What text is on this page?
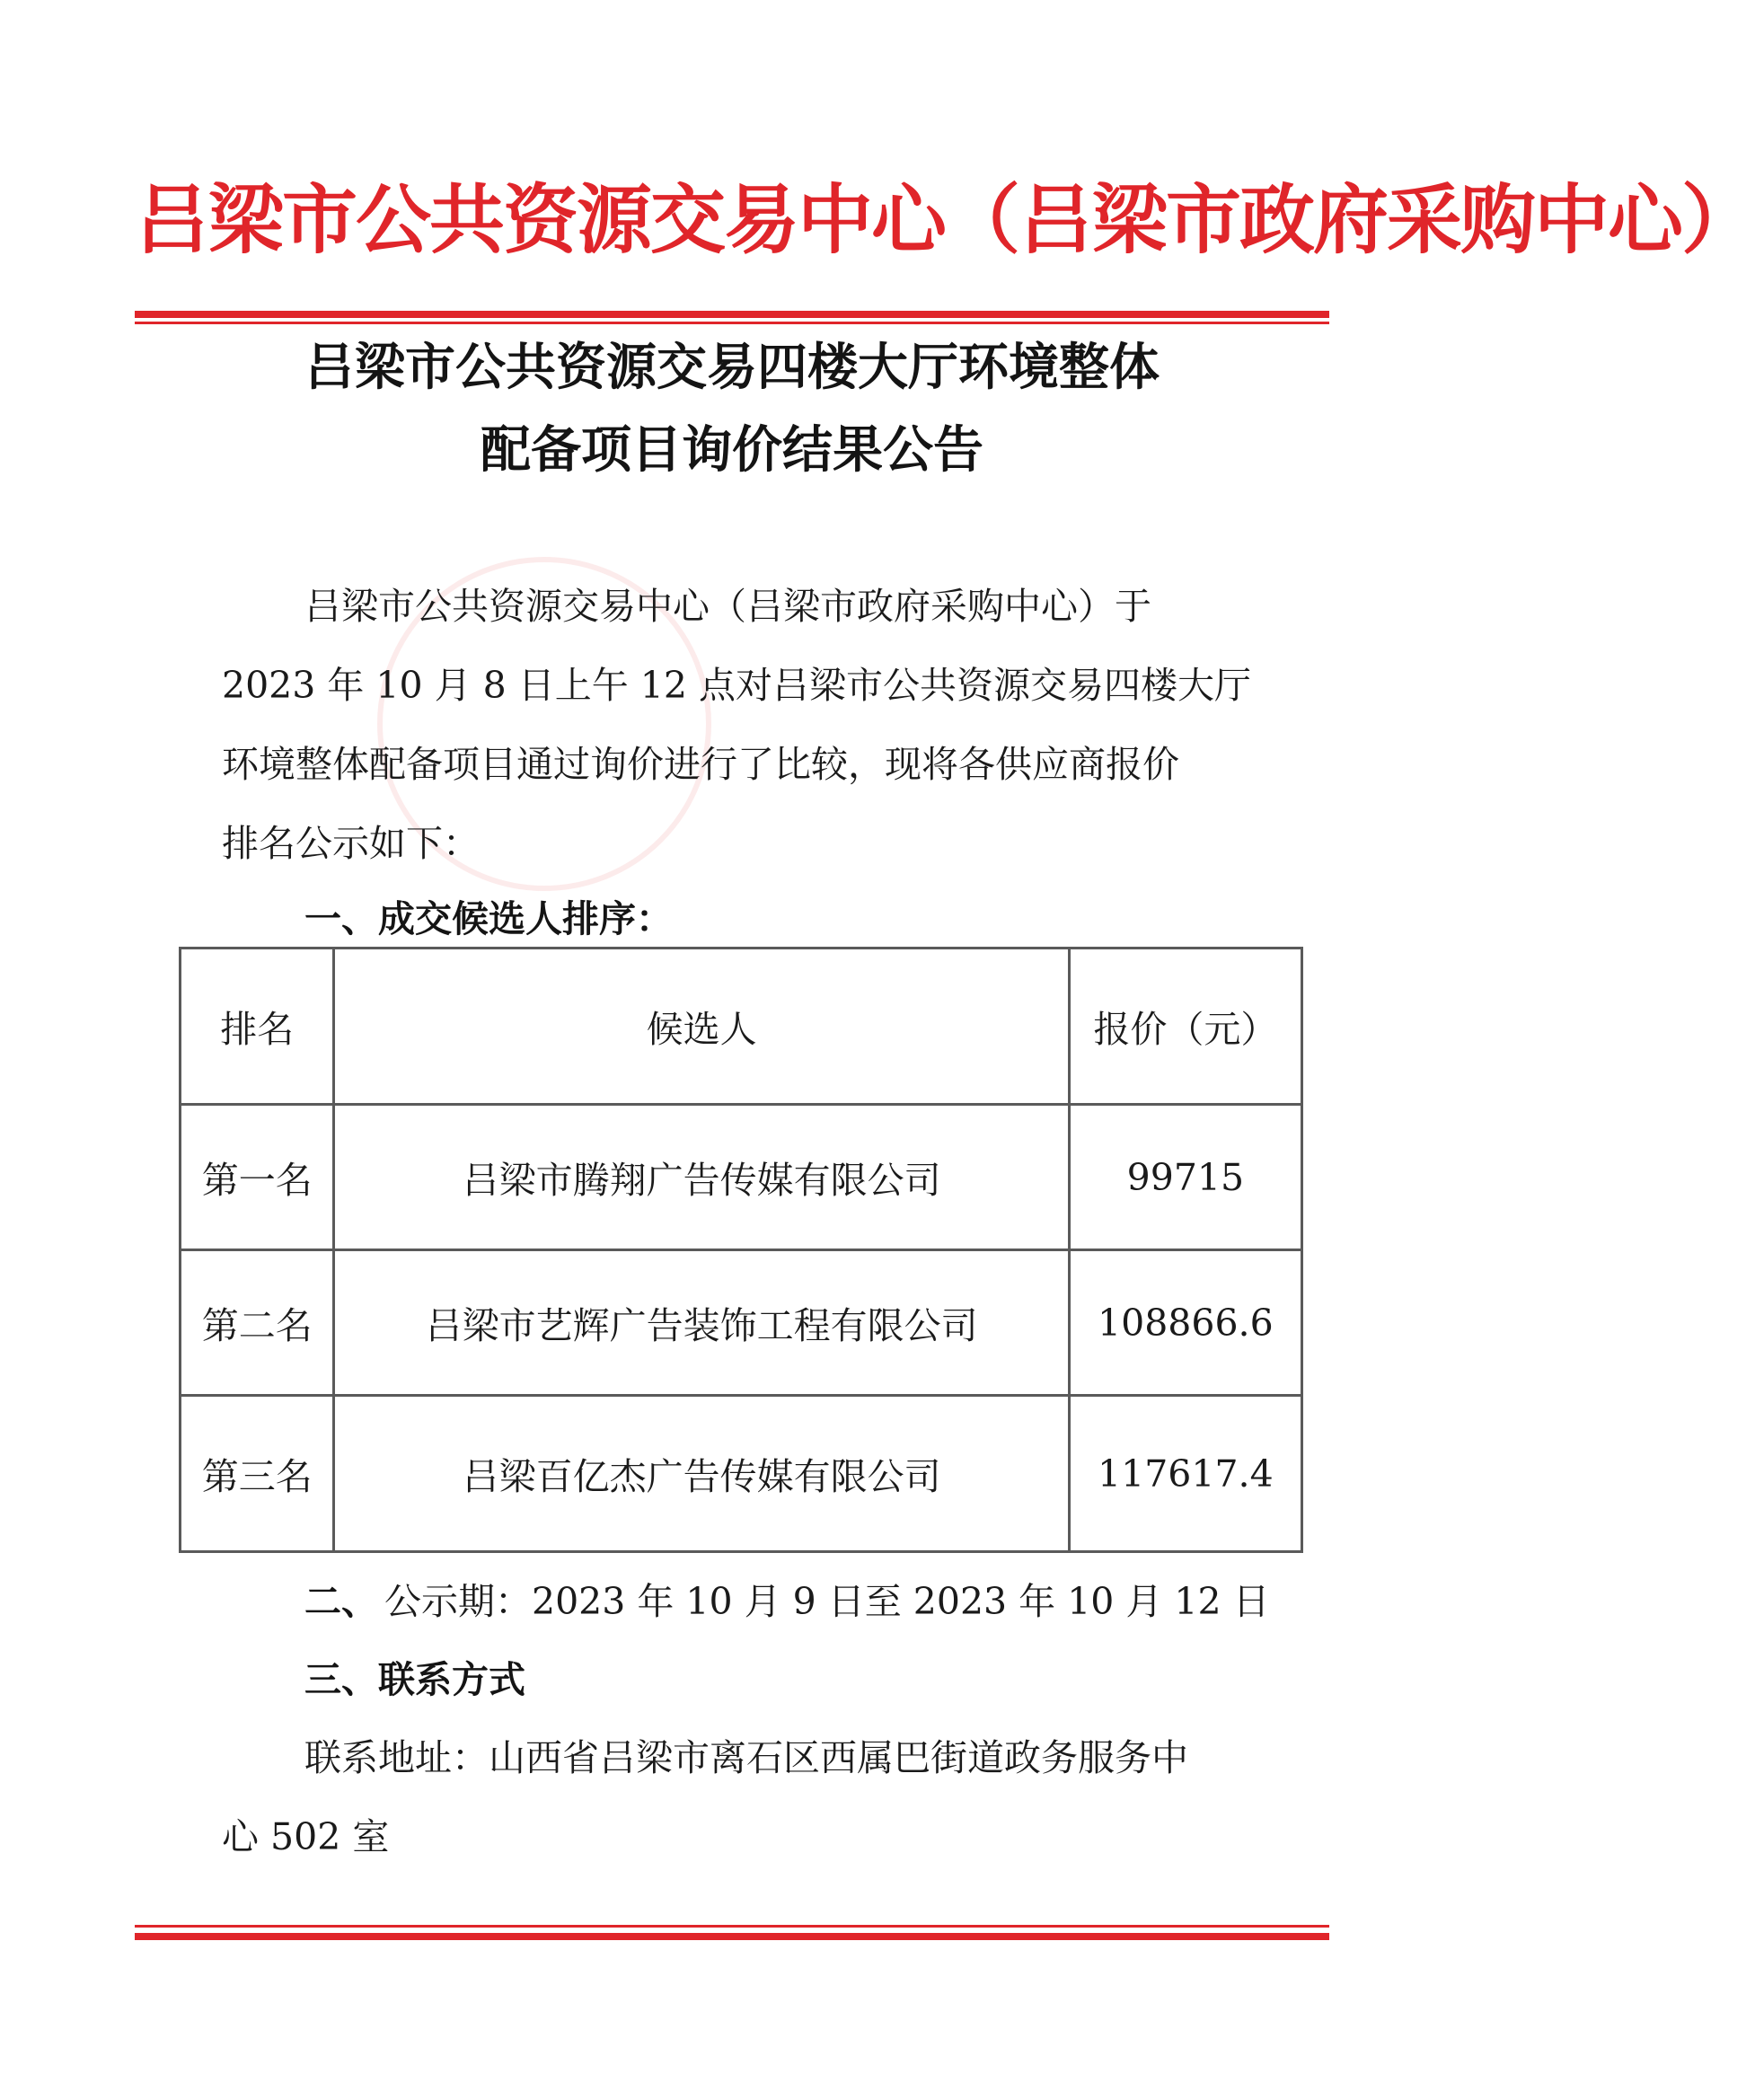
吕梁市公共资源交易中心（吕梁市政府采购中心）
吕梁市公共资源交易四楼大厅环境整体
配备项目询价结果公告
吕梁市公共资源交易中心（吕梁市政府采购中心）于
2023 年 10 月 8 日上午 12 点对吕梁市公共资源交易四楼大厅
环境整体配备项目通过询价进行了比较，现将各供应商报价
排名公示如下：
一、成交候选人排序：
排名	候选人	报价（元）
第一名	吕梁市腾翔广告传媒有限公司	99715
第二名	吕梁市艺辉广告装饰工程有限公司	108866.6
第三名	吕梁百亿杰广告传媒有限公司	117617.4
二、 公示期：2023 年 10 月 9 日至 2023 年 10 月 12 日
三、联系方式
联系地址：山西省吕梁市离石区西属巴街道政务服务中
心 502 室
